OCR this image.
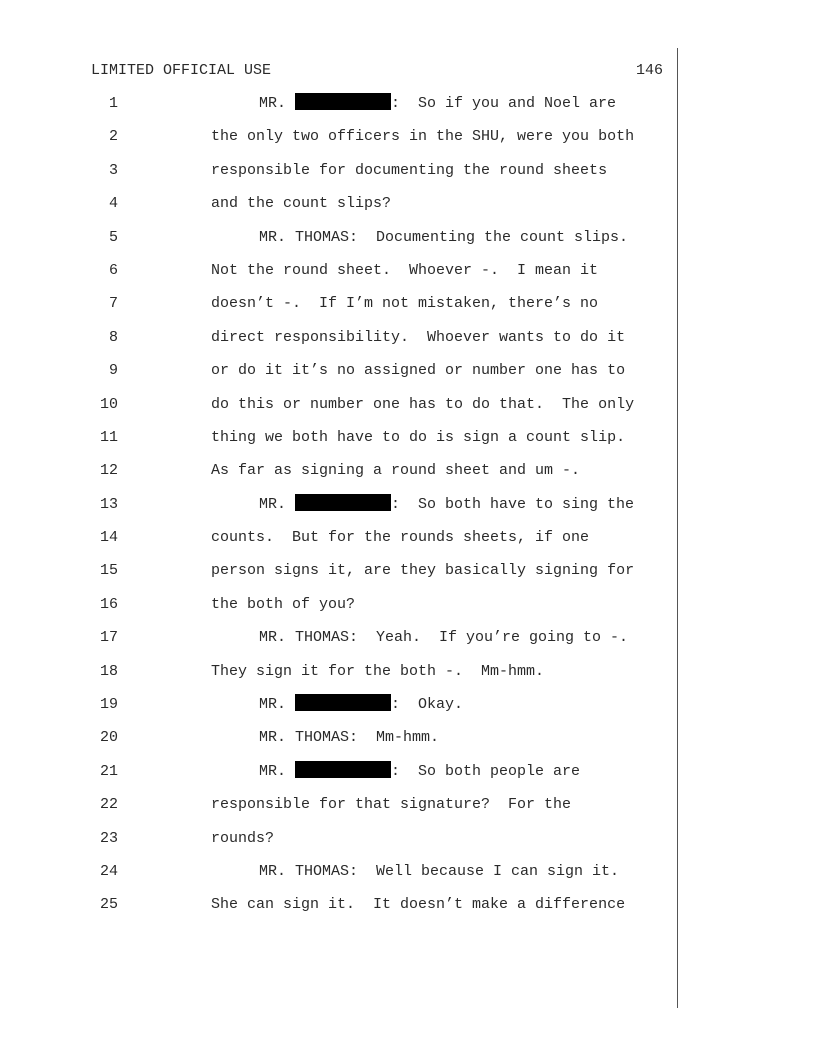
LIMITED OFFICIAL USE	146
1	MR.	:  So if you and Noel are
2	the only two officers in the SHU, were you both
3	responsible for documenting the round sheets
4	and the count slips?
5	MR. THOMAS:  Documenting the count slips.
6	Not the round sheet.  Whoever -.  I mean it
7	doesn’t -.  If I’m not mistaken, there’s no
8	direct responsibility.  Whoever wants to do it
9	or do it it’s no assigned or number one has to
10	do this or number one has to do that.  The only
11	thing we both have to do is sign a count slip.
12	As far as signing a round sheet and um -.
13	MR.	:  So both have to sing the
14	counts.  But for the rounds sheets, if one
15	person signs it, are they basically signing for
16	the both of you?
17	MR. THOMAS:  Yeah.  If you’re going to -.
18	They sign it for the both -.  Mm-hmm.
19	MR.	:  Okay.
20	MR. THOMAS:  Mm-hmm.
21	MR.	:  So both people are
22	responsible for that signature?  For the
23	rounds?
24	MR. THOMAS:  Well because I can sign it.
25	She can sign it.  It doesn’t make a difference
